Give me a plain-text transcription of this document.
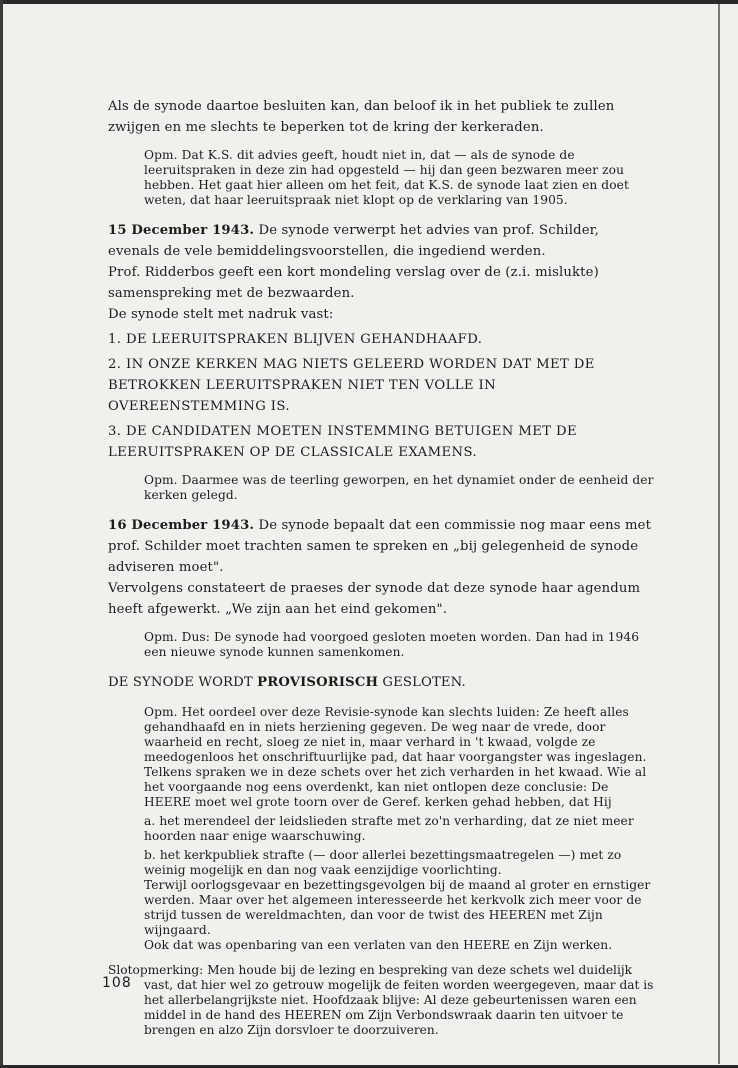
Als de synode daartoe besluiten kan, dan beloof ik in het publiek te zullen zwijgen en me slechts te beperken tot de kring der kerkeraden.

Opm. Dat K.S. dit advies geeft, houdt niet in, dat — als de synode de leeruitspraken in deze zin had opgesteld — hij dan geen bezwaren meer zou hebben. Het gaat hier alleen om het feit, dat K.S. de synode laat zien en doet weten, dat haar leeruitspraak niet klopt op de verklaring van 1905.

15 December 1943. De synode verwerpt het advies van prof. Schilder, evenals de vele bemiddelingsvoorstellen, die ingediend werden.

Prof. Ridderbos geeft een kort mondeling verslag over de (z.i. mislukte) samenspreking met de bezwaarden.

De synode stelt met nadruk vast:

1. DE LEERUITSPRAKEN BLIJVEN GEHANDHAAFD.

2. IN ONZE KERKEN MAG NIETS GELEERD WORDEN DAT MET DE BETROKKEN LEERUITSPRAKEN NIET TEN VOLLE IN OVEREENSTEMMING IS.

3. DE CANDIDATEN MOETEN INSTEMMING BETUIGEN MET DE LEERUITSPRAKEN OP DE CLASSICALE EXAMENS.

Opm. Daarmee was de teerling geworpen, en het dynamiet onder de eenheid der kerken gelegd.

16 December 1943. De synode bepaalt dat een commissie nog maar eens met prof. Schilder moet trachten samen te spreken en „bij gelegenheid de synode adviseren moet".

Vervolgens constateert de praeses der synode dat deze synode haar agendum heeft afgewerkt. „We zijn aan het eind gekomen".

Opm. Dus: De synode had voorgoed gesloten moeten worden. Dan had in 1946 een nieuwe synode kunnen samenkomen.

DE SYNODE WORDT PROVISORISCH GESLOTEN.

Opm. Het oordeel over deze Revisie-synode kan slechts luiden: Ze heeft alles gehandhaafd en in niets herziening gegeven. De weg naar de vrede, door waarheid en recht, sloeg ze niet in, maar verhard in 't kwaad, volgde ze meedogenloos het onschriftuurlijke pad, dat haar voorgangster was ingeslagen.

Telkens spraken we in deze schets over het zich verharden in het kwaad. Wie al het voorgaande nog eens overdenkt, kan niet ontlopen deze conclusie: De HEERE moet wel grote toorn over de Geref. kerken gehad hebben, dat Hij

a. het merendeel der leidslieden strafte met zo'n verharding, dat ze niet meer hoorden naar enige waarschuwing.

b. het kerkpubliek strafte (— door allerlei bezettingsmaatregelen —) met zo weinig mogelijk en dan nog vaak eenzijdige voorlichting.

Terwijl oorlogsgevaar en bezettingsgevolgen bij de maand al groter en ernstiger werden. Maar over het algemeen interesseerde het kerkvolk zich meer voor de strijd tussen de wereldmachten, dan voor de twist des HEEREN met Zijn wijngaard.

Ook dat was openbaring van een verlaten van den HEERE en Zijn werken.

Slotopmerking: Men houde bij de lezing en bespreking van deze schets wel duidelijk vast, dat hier wel zo getrouw mogelijk de feiten worden weergegeven, maar dat is het allerbelangrijkste niet. Hoofdzaak blijve: Al deze gebeurtenissen waren een middel in de hand des HEEREN om Zijn Verbondswraak daarin ten uitvoer te brengen en alzo Zijn dorsvloer te doorzuiveren.

108
